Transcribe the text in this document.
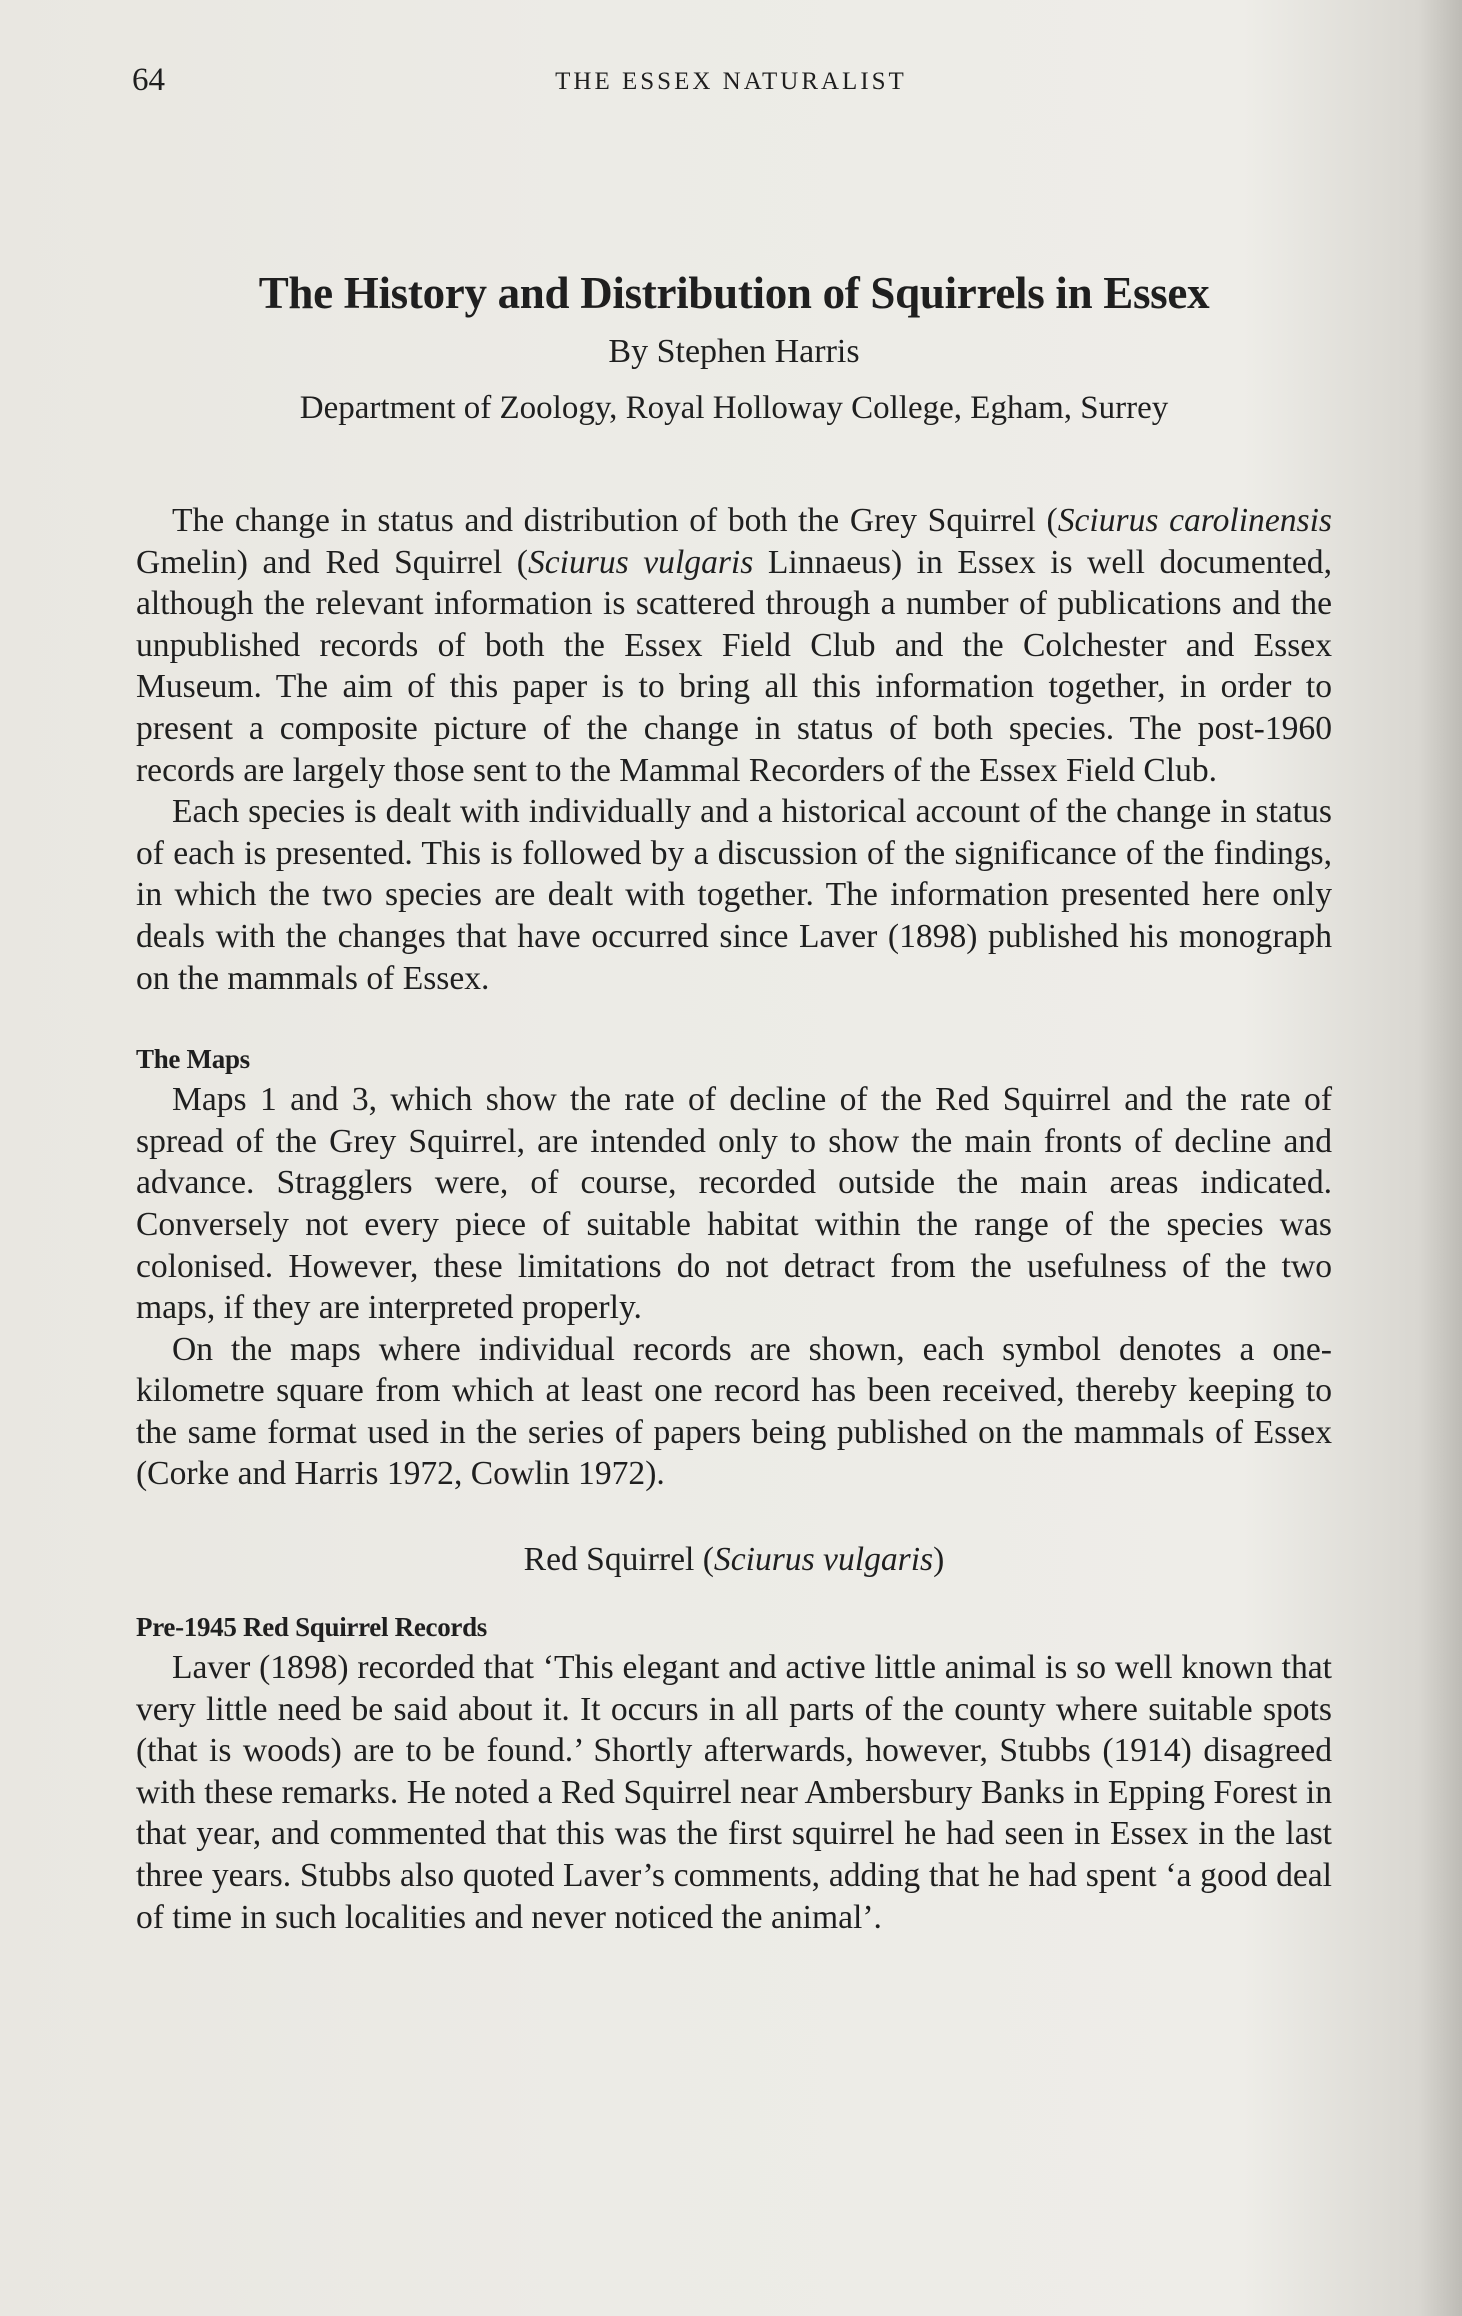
64	THE ESSEX NATURALIST
The History and Distribution of Squirrels in Essex

By Stephen Harris

Department of Zoology, Royal Holloway College, Egham, Surrey

The change in status and distribution of both the Grey Squirrel (Sciurus carolinensis Gmelin) and Red Squirrel (Sciurus vulgaris Linnaeus) in Essex is well documented, although the relevant information is scattered through a number of publications and the unpublished records of both the Essex Field Club and the Colchester and Essex Museum. The aim of this paper is to bring all this information together, in order to present a composite picture of the change in status of both species. The post-1960 records are largely those sent to the Mammal Recorders of the Essex Field Club.

Each species is dealt with individually and a historical account of the change in status of each is presented. This is followed by a discussion of the significance of the findings, in which the two species are dealt with together. The information presented here only deals with the changes that have occurred since Laver (1898) published his monograph on the mammals of Essex.

The Maps

Maps 1 and 3, which show the rate of decline of the Red Squirrel and the rate of spread of the Grey Squirrel, are intended only to show the main fronts of decline and advance. Stragglers were, of course, recorded outside the main areas indicated. Conversely not every piece of suitable habitat within the range of the species was colonised. However, these limitations do not detract from the usefulness of the two maps, if they are interpreted properly.

On the maps where individual records are shown, each symbol denotes a one-kilometre square from which at least one record has been received, thereby keeping to the same format used in the series of papers being published on the mammals of Essex (Corke and Harris 1972, Cowlin 1972).

Red Squirrel (Sciurus vulgaris)
Pre-1945 Red Squirrel Records

Laver (1898) recorded that ‘This elegant and active little animal is so well known that very little need be said about it. It occurs in all parts of the county where suitable spots (that is woods) are to be found.’ Shortly afterwards, however, Stubbs (1914) disagreed with these remarks. He noted a Red Squirrel near Ambersbury Banks in Epping Forest in that year, and commented that this was the first squirrel he had seen in Essex in the last three years. Stubbs also quoted Laver’s comments, adding that he had spent ‘a good deal of time in such localities and never noticed the animal’.
